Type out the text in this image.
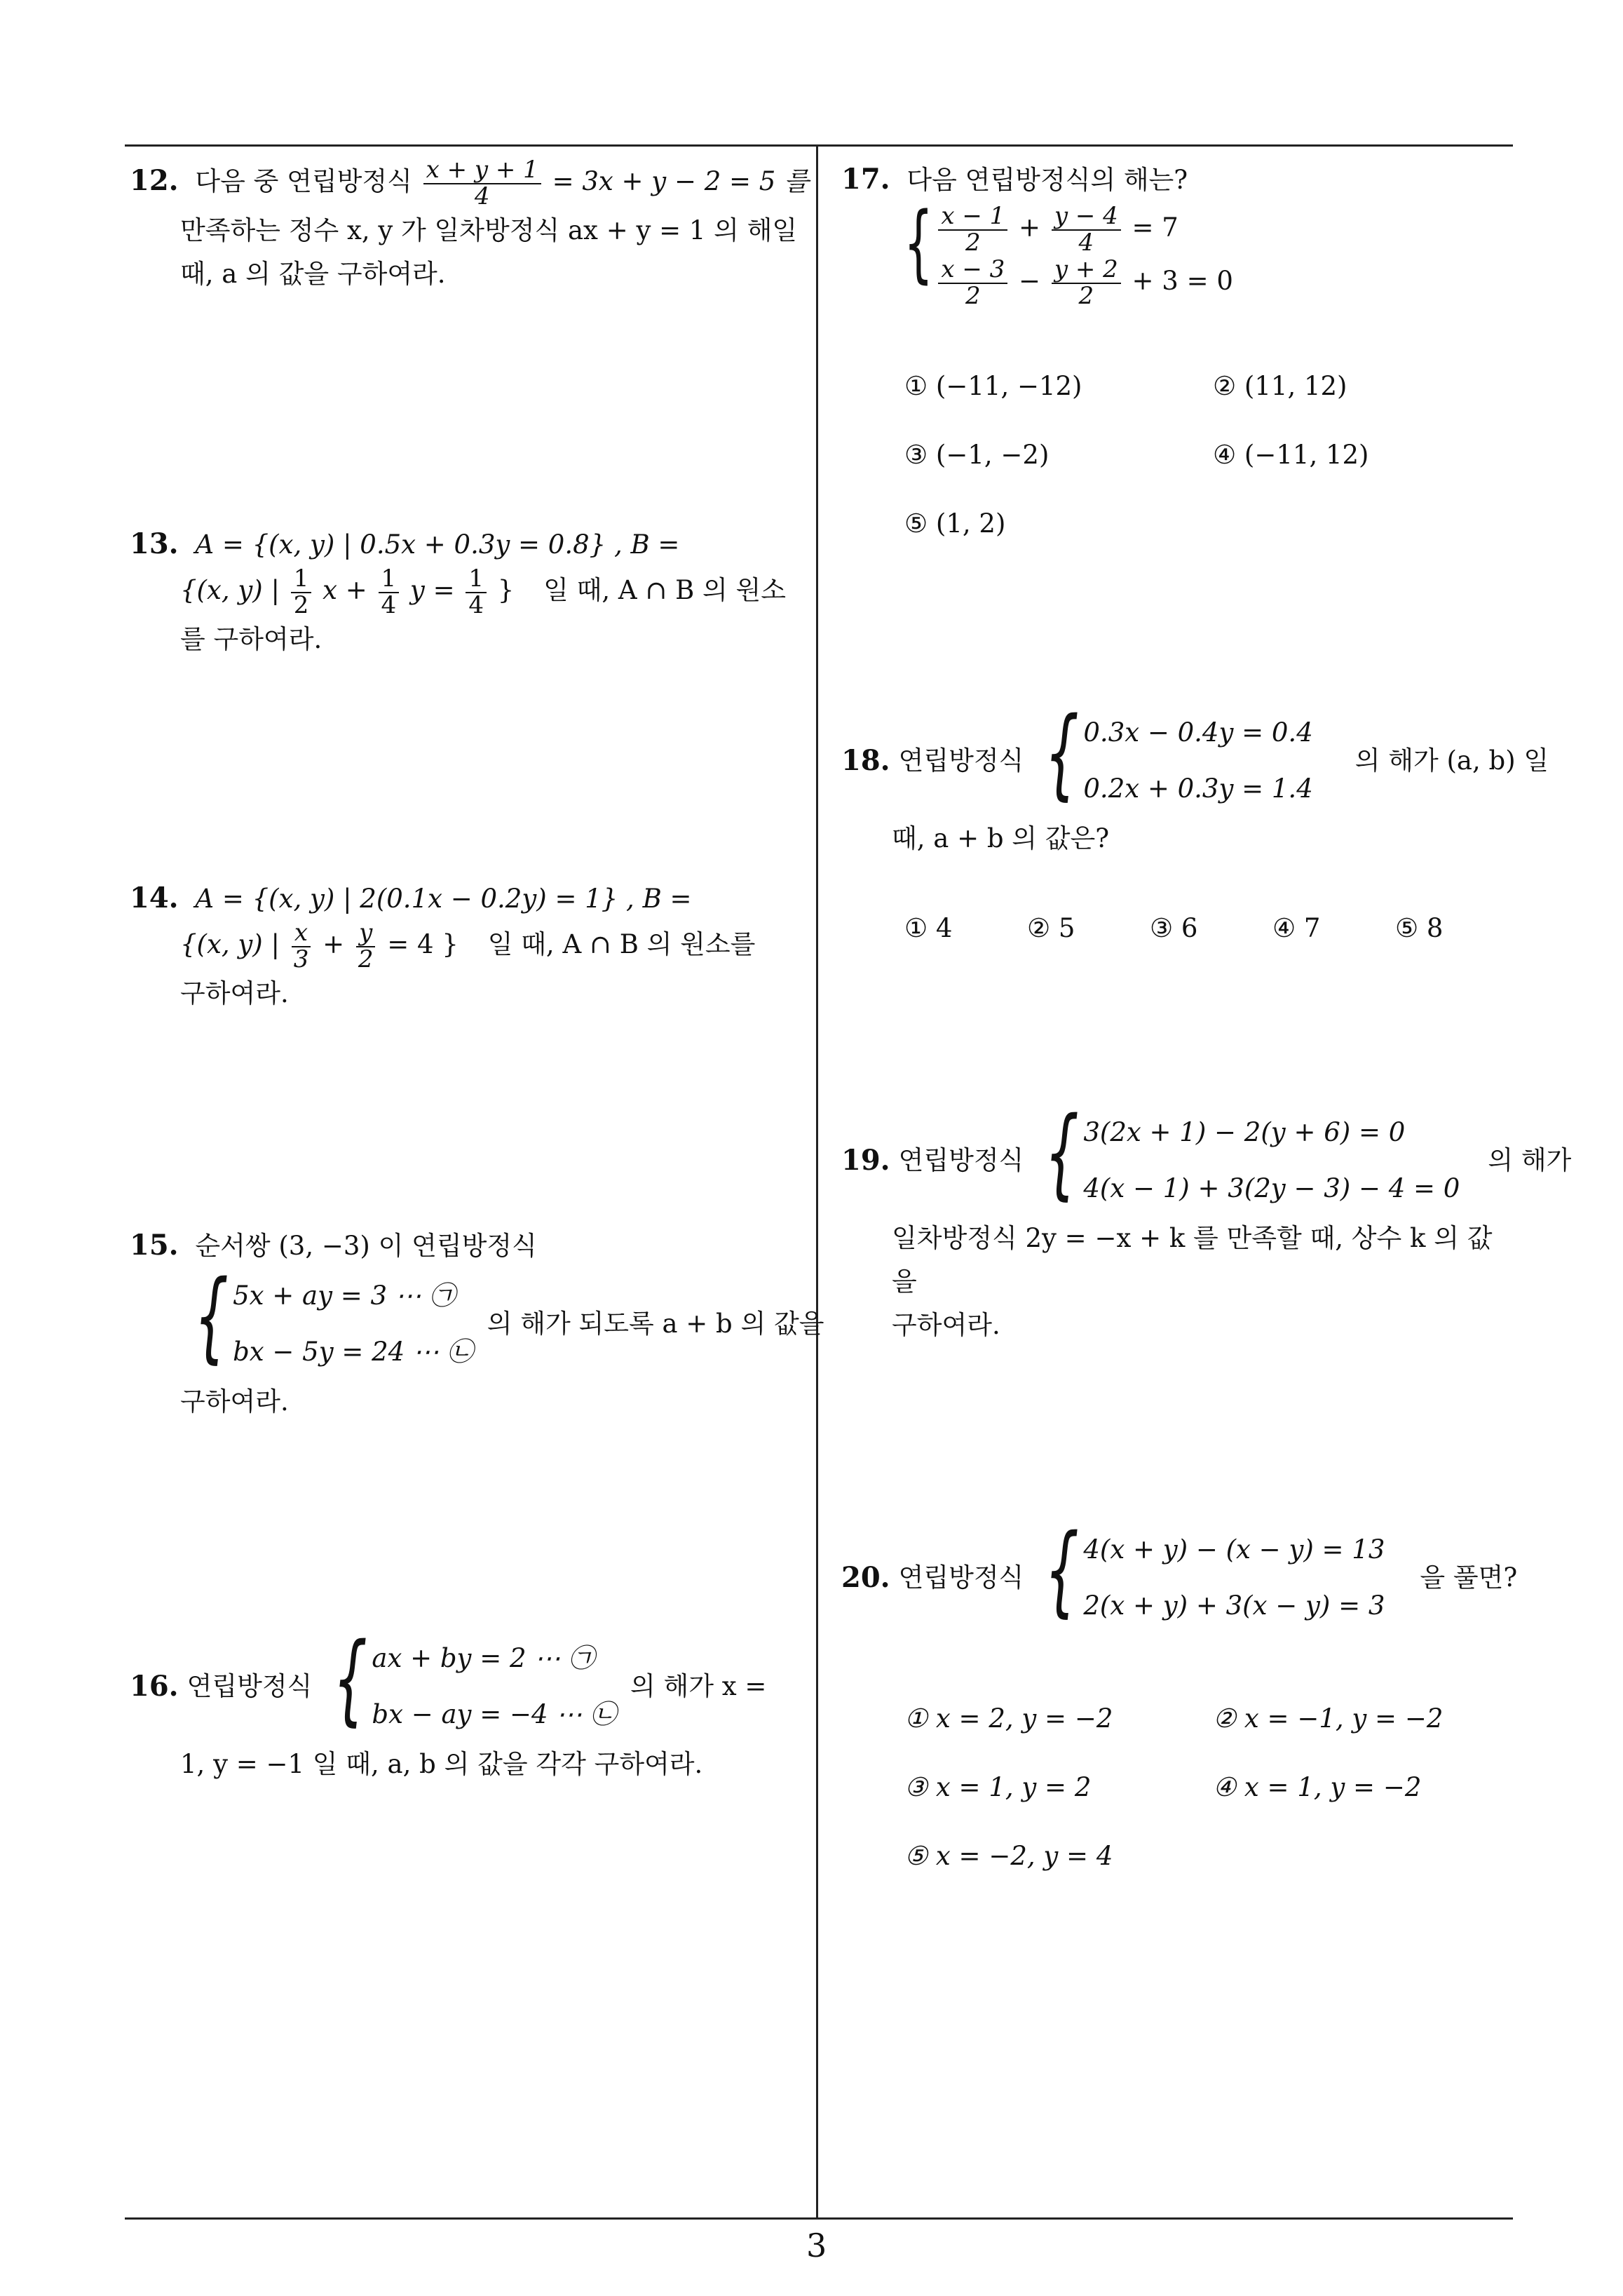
3
12. 다음 중 연립방정식 $\frac{x + y + 1}{4} = 3x + y - 2 = 5$ 를
만족하는 정수 x, y 가 일차방정식 ax + y = 1 의 해일
때, a 의 값을 구하여라.
13. A = {(x, y) | 0.5x + 0.3y = 0.8} , B =
{(x, y) | $\frac{1}{2}$ $x + \frac{1}{4}$ $y = \frac{1}{4}$ } 일 때, A ∩ B 의 원소
를 구하여라.
14. A = {(x, y) | 2(0.1x − 0.2y) = 1} , B =
{(x, y) | $\frac{x}{3} + \frac{y}{2} = 4$ } 일 때, A ∩ B 의 원소를
구하여라.
15. 순서쌍 (3, −3) 이 연립방정식
{ 5x + ay = 3 ⋯ ㉠
bx − 5y = 24 ⋯ ㉡
의 해가 되도록 a + b 의 값을
구하여라.
16. 연립방정식 { ax + by = 2 ⋯ ㉠
bx − ay = −4 ⋯ ㉡
의 해가 x =
1, y = −1 일 때, a, b 의 값을 각각 구하여라.
17. 다음 연립방정식의 해는?
{ $\frac{x - 1}{2} + \frac{y - 4}{4} = 7$
$\frac{x - 3}{2} - \frac{y + 2}{2} + 3 = 0$
① (−11, −12)	② (11, 12)
③ (−1, −2)	④ (−11, 12)
⑤ (1, 2)
18. 연립방정식 { 0.3x − 0.4y = 0.4
0.2x + 0.3y = 1.4
의 해가 (a, b) 일
때, a + b 의 값은?
① 4	② 5	③ 6	④ 7	⑤ 8
19. 연립방정식 { 3(2x + 1) − 2(y + 6) = 0
4(x − 1) + 3(2y − 3) − 4 = 0
의 해가
일차방정식 2y = −x + k 를 만족할 때, 상수 k 의 값을
구하여라.
20. 연립방정식 { 4(x + y) − (x − y) = 13
2(x + y) + 3(x − y) = 3
을 풀면?
① x = 2, y = −2	② x = −1, y = −2
③ x = 1, y = 2	④ x = 1, y = −2
⑤ x = −2, y = 4
